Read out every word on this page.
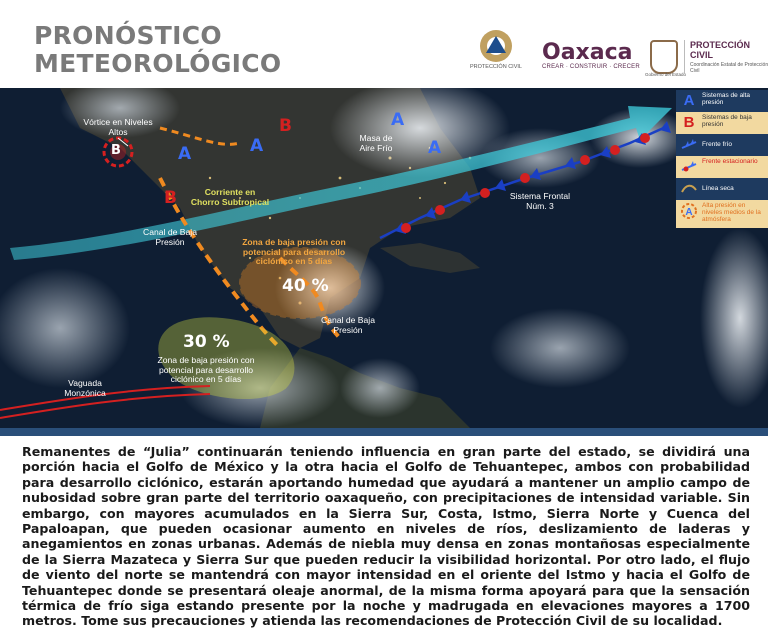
PRONÓSTICO
METEOROLÓGICO	PROTECCIÓN CIVIL
Oaxaca
CREAR · CONSTRUIR · CRECER
Gobierno del Estado
PROTECCIÓN
CIVIL
Coordinación Estatal de Protección Civil
B	A
B
A
B	A
A
Vórtice en Niveles Altos
Masa de Aire Frío
Corriente en Chorro Subtropical
Canal de Baja Presión	Zona de baja presión con potencial para desarrollo ciclónico en 5 días
40 %
Canal de Baja Presión
30 %
Zona de baja presión con potencial para desarrollo ciclónico en 5 días
Vaguada Monzónica
Sistema Frontal Núm. 3
A	Sistemas de alta presión
B	Sistemas de baja presión
Frente frío
Frente estacionario
Línea seca
A
Alta presión en niveles medios de la atmósfera
Remanentes de “Julia” continuarán teniendo influencia en gran parte del estado, se dividirá una porción hacia el Golfo de México y la otra hacia el Golfo de Tehuantepec, ambos con probabilidad para desarrollo ciclónico, estarán aportando humedad que ayudará a mantener un amplio campo de nubosidad sobre gran parte del territorio oaxaqueño, con precipitaciones de intensidad variable. Sin embargo, con mayores acumulados en la Sierra Sur, Costa, Istmo, Sierra Norte y Cuenca del Papaloapan, que pueden ocasionar aumento en niveles de ríos, deslizamiento de laderas y anegamientos en zonas urbanas. Además de niebla muy densa en zonas montañosas especialmente de la Sierra Mazateca y Sierra Sur que pueden reducir la visibilidad horizontal. Por otro lado, el flujo de viento del norte se mantendrá con mayor intensidad en el oriente del Istmo y hacia el Golfo de Tehuantepec donde se presentará oleaje anormal, de la misma forma apoyará para que la sensación térmica de frío siga estando presente por la noche y madrugada en elevaciones mayores a 1700 metros. Tome sus precauciones y atienda las recomendaciones de Protección Civil de su localidad.
